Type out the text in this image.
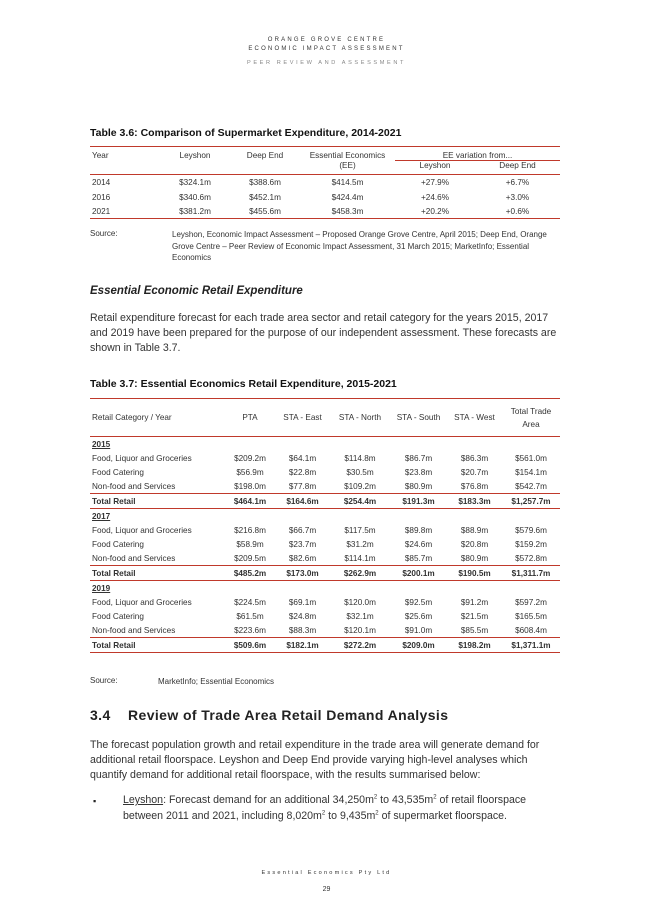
ORANGE GROVE CENTRE
ECONOMIC IMPACT ASSESSMENT
PEER REVIEW AND ASSESSMENT
Table 3.6: Comparison of Supermarket Expenditure, 2014-2021
Year	Leyshon	Deep End	Essential Economics	EE variation from...	
			(EE)	Leyshon	Deep End
2014	$324.1m	$388.6m	$414.5m	+27.9%	+6.7%
2016	$340.6m	$452.1m	$424.4m	+24.6%	+3.0%
2021	$381.2m	$455.6m	$458.3m	+20.2%	+0.6%
Source:	Leyshon, Economic Impact Assessment – Proposed Orange Grove Centre, April 2015; Deep End, Orange Grove Centre – Peer Review of Economic Impact Assessment, 31 March 2015; MarketInfo; Essential Economics
Essential Economic Retail Expenditure
Retail expenditure forecast for each trade area sector and retail category for the years 2015, 2017 and 2019 have been prepared for the purpose of our independent assessment. These forecasts are shown in Table 3.7.
Table 3.7: Essential Economics Retail Expenditure, 2015-2021
Retail Category / Year	PTA	STA - East	STA - North	STA - South	STA - West	Total Trade
Area
2015						
Food, Liquor and Groceries	$209.2m	$64.1m	$114.8m	$86.7m	$86.3m	$561.0m
Food Catering	$56.9m	$22.8m	$30.5m	$23.8m	$20.7m	$154.1m
Non-food and Services	$198.0m	$77.8m	$109.2m	$80.9m	$76.8m	$542.7m
Total Retail	$464.1m	$164.6m	$254.4m	$191.3m	$183.3m	$1,257.7m
2017						
Food, Liquor and Groceries	$216.8m	$66.7m	$117.5m	$89.8m	$88.9m	$579.6m
Food Catering	$58.9m	$23.7m	$31.2m	$24.6m	$20.8m	$159.2m
Non-food and Services	$209.5m	$82.6m	$114.1m	$85.7m	$80.9m	$572.8m
Total Retail	$485.2m	$173.0m	$262.9m	$200.1m	$190.5m	$1,311.7m
2019						
Food, Liquor and Groceries	$224.5m	$69.1m	$120.0m	$92.5m	$91.2m	$597.2m
Food Catering	$61.5m	$24.8m	$32.1m	$25.6m	$21.5m	$165.5m
Non-food and Services	$223.6m	$88.3m	$120.1m	$91.0m	$85.5m	$608.4m
Total Retail	$509.6m	$182.1m	$272.2m	$209.0m	$198.2m	$1,371.1m
Source:	MarketInfo; Essential Economics
3.4 Review of Trade Area Retail Demand Analysis
The forecast population growth and retail expenditure in the trade area will generate demand for additional retail floorspace. Leyshon and Deep End provide varying high-level analyses which quantify demand for additional retail floorspace, with the results summarised below:
▪	Leyshon: Forecast demand for an additional $34,250m^2$ to $43,535m^2$ of retail floorspace between 2011 and 2021, including $8,020m^2$ to $9,435m^2$ of supermarket floorspace.
Essential Economics Pty Ltd
29
